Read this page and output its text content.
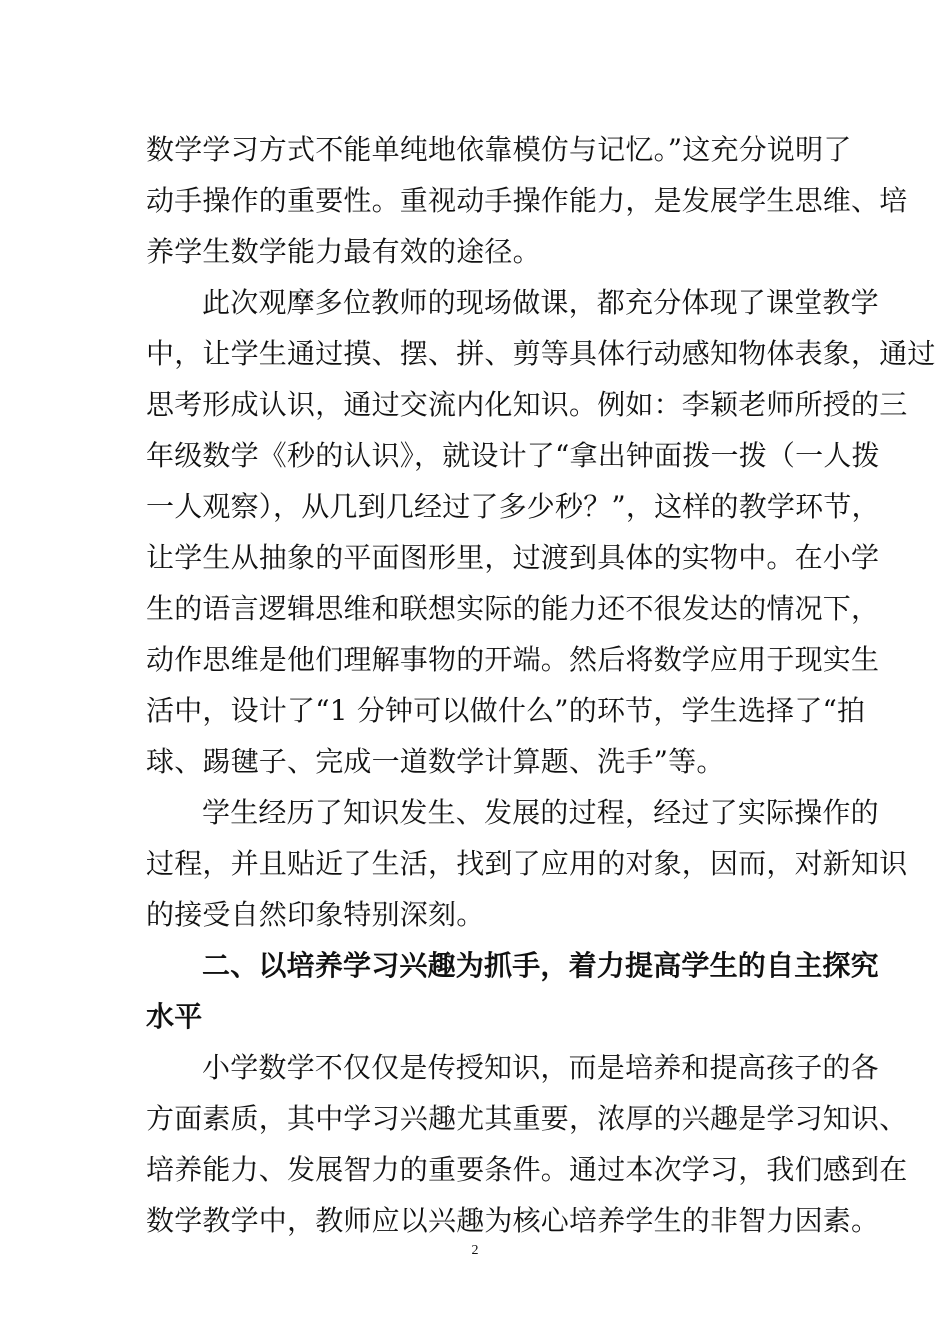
数学学习方式不能单纯地依靠模仿与记忆。”这充分说明了
动手操作的重要性。重视动手操作能力，是发展学生思维、培
养学生数学能力最有效的途径。
此次观摩多位教师的现场做课，都充分体现了课堂教学
中，让学生通过摸、摆、拼、剪等具体行动感知物体表象，通过
思考形成认识，通过交流内化知识。例如：李颖老师所授的三
年级数学《秒的认识》，就设计了“拿出钟面拨一拨（一人拨
一人观察），从几到几经过了多少秒？”，这样的教学环节，
让学生从抽象的平面图形里，过渡到具体的实物中。在小学
生的语言逻辑思维和联想实际的能力还不很发达的情况下，
动作思维是他们理解事物的开端。然后将数学应用于现实生
活中，设计了“1 分钟可以做什么”的环节，学生选择了“拍
球、踢毽子、完成一道数学计算题、洗手”等。
学生经历了知识发生、发展的过程，经过了实际操作的
过程，并且贴近了生活，找到了应用的对象，因而，对新知识
的接受自然印象特别深刻。
二、以培养学习兴趣为抓手，着力提高学生的自主探究
水平
小学数学不仅仅是传授知识，而是培养和提高孩子的各
方面素质，其中学习兴趣尤其重要，浓厚的兴趣是学习知识、
培养能力、发展智力的重要条件。通过本次学习，我们感到在
数学教学中，教师应以兴趣为核心培养学生的非智力因素。
2
